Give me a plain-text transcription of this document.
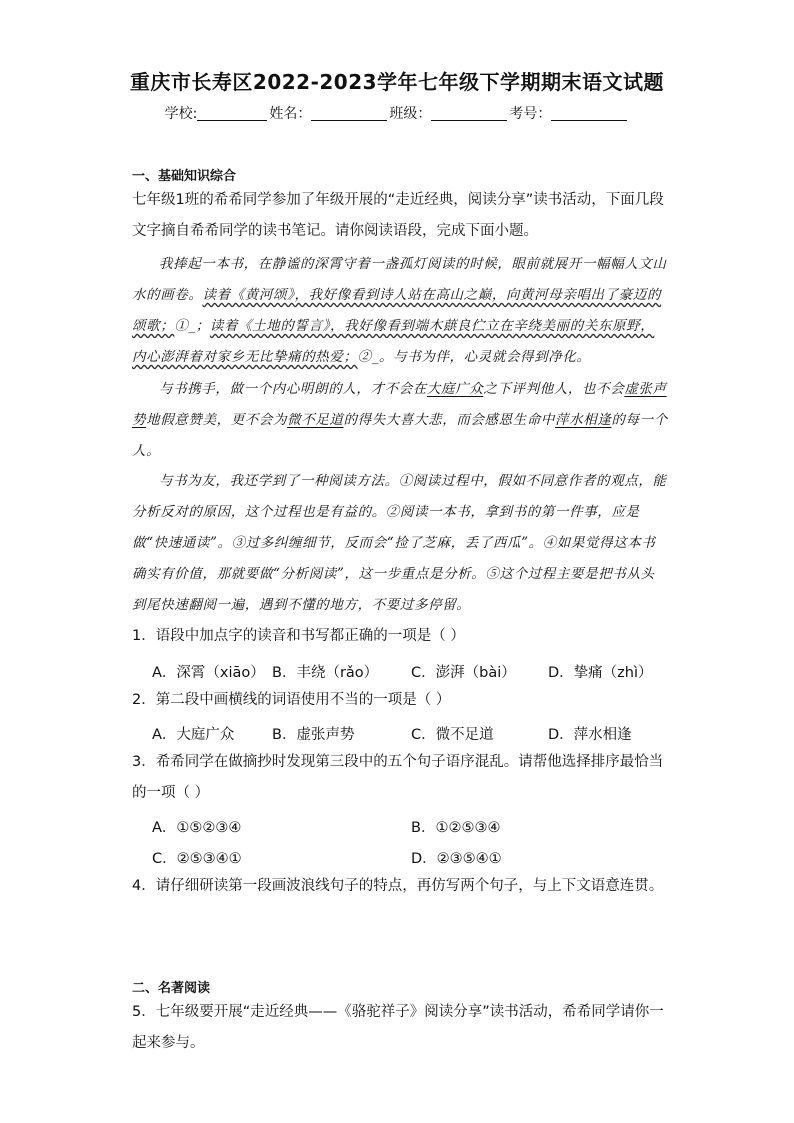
重庆市长寿区2022-2023学年七年级下学期期末语文试题
学校:	姓名：	班级：	考号：
一、基础知识综合
七年级1班的希希同学参加了年级开展的“走近经典，阅读分享”读书活动，下面几段文字摘自希希同学的读书笔记。请你阅读语段，完成下面小题。
我捧起一本书，在静谧的深霄守着一盏孤灯阅读的时候，眼前就展开一幅幅人文山水的画卷。读着《黄河颂》，我好像看到诗人站在高山之巅，向黄河母亲唱出了豪迈的颂歌；①_；读着《土地的誓言》，我好像看到端木蕻良伫立在辛绕美丽的关东原野，内心澎湃着对家乡无比挚痛的热爱；②_。与书为伴，心灵就会得到净化。
与书携手，做一个内心明朗的人，才不会在大庭广众之下评判他人，也不会虚张声势地假意赞美，更不会为微不足道的得失大喜大悲，而会感恩生命中萍水相逢的每一个人。
与书为友，我还学到了一种阅读方法。①阅读过程中，假如不同意作者的观点，能分析反对的原因，这个过程也是有益的。②阅读一本书，拿到书的第一件事，应是做“快速通读”。③过多纠缠细节，反而会“捡了芝麻，丢了西瓜”。④如果觉得这本书确实有价值，那就要做“分析阅读”，这一步重点是分析。⑤这个过程主要是把书从头到尾快速翻阅一遍，遇到不懂的地方，不要过多停留。
1．语段中加点字的读音和书写都正确的一项是（ ）
A．深霄（xiāo） B．丰绕（rǎo） C．澎湃（bài） D．挚痛（zhì）
2．第二段中画横线的词语使用不当的一项是（ ）
A．大庭广众	B．虚张声势	C．微不足道	D．萍水相逢
3．希希同学在做摘抄时发现第三段中的五个句子语序混乱。请帮他选择排序最恰当的一项（ ）
A．①⑤②③④	B．①②⑤③④
C．②⑤③④①	D．②③⑤④①
4．请仔细研读第一段画波浪线句子的特点，再仿写两个句子，与上下文语意连贯。
二、名著阅读
5．七年级要开展“走近经典——《骆驼祥子》阅读分享”读书活动，希希同学请你一起来参与。
